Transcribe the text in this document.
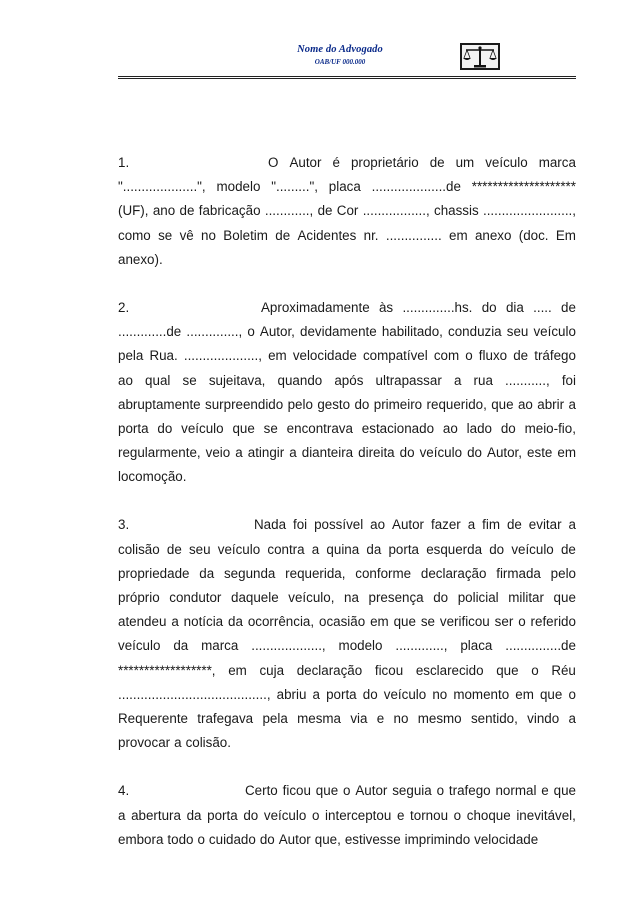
Nome do Advogado
OAB/UF 000.000
1.	O Autor é proprietário de um veículo marca
"....................", modelo ".........", placa ....................de ********************
(UF), ano de fabricação ............, de Cor ................., chassis ........................,
como se vê no Boletim de Acidentes nr. ............... em anexo (doc. Em
anexo).
2.	Aproximadamente às ..............hs. do dia ..... de
.............de .............., o Autor, devidamente habilitado, conduzia seu veículo
pela Rua. ...................., em velocidade compatível com o fluxo de tráfego
ao qual se sujeitava, quando após ultrapassar a rua ..........., foi
abruptamente surpreendido pelo gesto do primeiro requerido, que ao abrir a
porta do veículo que se encontrava estacionado ao lado do meio-fio,
regularmente, veio a atingir a dianteira direita do veículo do Autor, este em
locomoção.
3.	Nada foi possível ao Autor fazer a fim de evitar a
colisão de seu veículo contra a quina da porta esquerda do veículo de
propriedade da segunda requerida, conforme declaração firmada pelo
próprio condutor daquele veículo, na presença do policial militar que
atendeu a notícia da ocorrência, ocasião em que se verificou ser o referido
veículo da marca ..................., modelo ............., placa ...............de
******************, em cuja declaração ficou esclarecido que o Réu
........................................, abriu a porta do veículo no momento em que o
Requerente trafegava pela mesma via e no mesmo sentido, vindo a
provocar a colisão.
4.	Certo ficou que o Autor seguia o trafego normal e que
a abertura da porta do veículo o interceptou e tornou o choque inevitável,
embora todo o cuidado do Autor que, estivesse imprimindo velocidade
